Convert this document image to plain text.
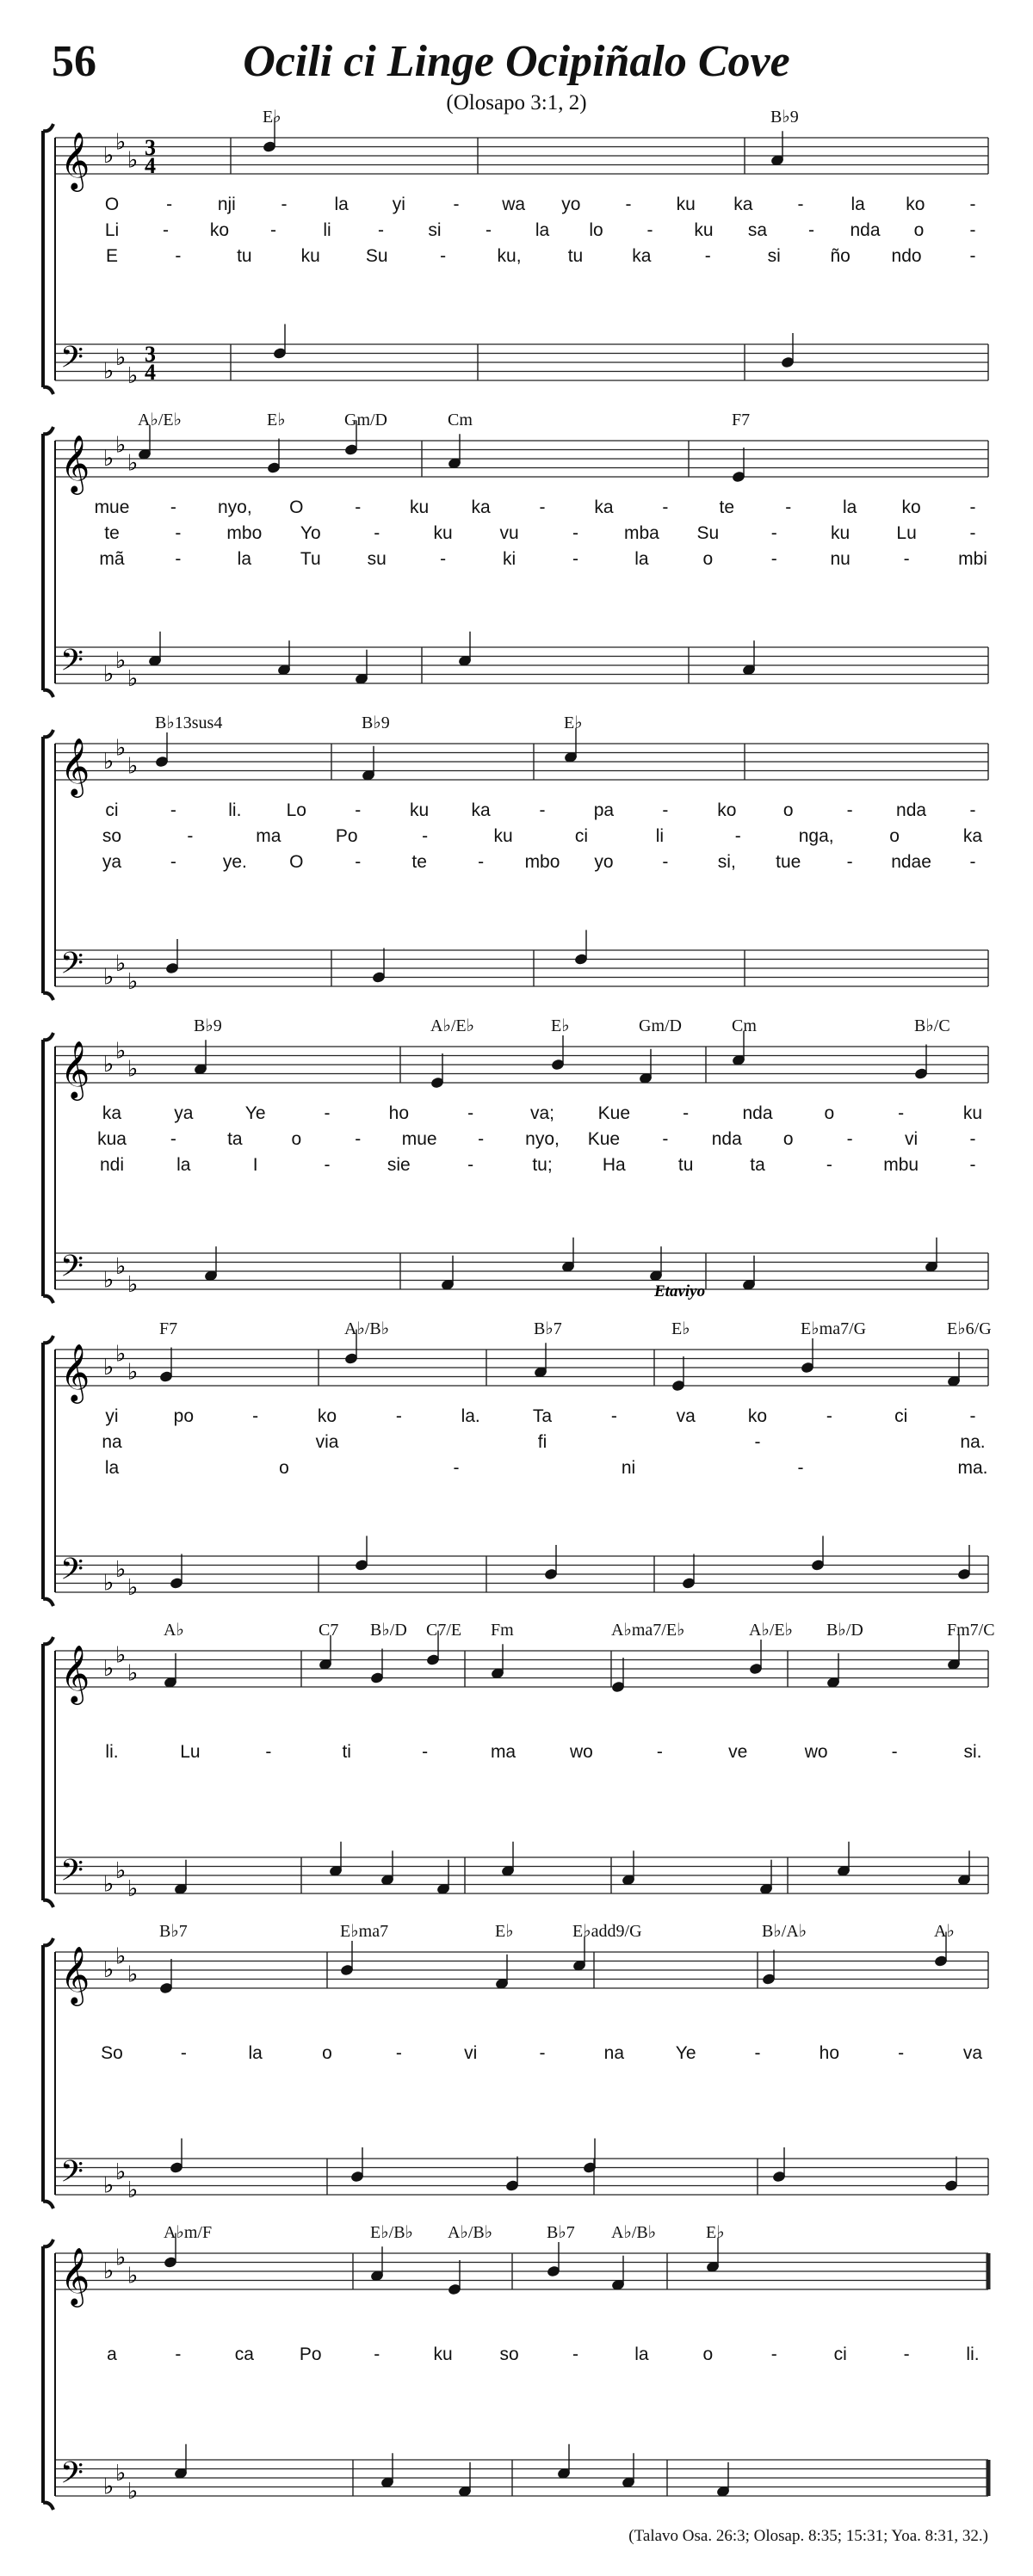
56	Ocili ci Linge Ocipiñalo Cove
(Olosapo 3:1, 2)
𝄞
𝄢
♭
♭
♭
♭
♭
♭
3
4
3
4
E♭	B♭9
O	-	nji	-	la yi	- wa yo - ku ka -	la ko -
Li - ko -	li	- si - la lo - ku sa - nda o	-
E	-	tu	ku	Su	-	ku,	tu	ka	-	si	ño ndo	-
𝄞
𝄢
♭
♭
♭
♭
♭
♭
A♭/E♭	E♭	Gm/D	Cm	F7
mue - nyo, O	-	ku ka	-	ka	-	te	-	la ko	-
te	-	mbo Yo	-	ku	vu	-	mba Su	-	ku	Lu	-
mã	-	la	Tu	su	-	ki	-	la	o	-	nu	-	mbi
𝄞
𝄢
♭
♭
♭
♭
♭
♭
B♭13sus4	B♭9	E♭
ci	-	li. Lo	-	ku ka	-	pa	-	ko	o	- nda -
so	-	ma	Po	-	ku	ci	li	-	nga,	o	ka
ya	-	ye. O	-	te	- mbo yo	-	si, tue	- ndae -
𝄞
𝄢
♭
♭
♭
♭
♭
♭
B♭9	A♭/E♭	E♭	Gm/D	Cm	B♭/C
ka	ya	Ye	-	ho	-	va; Kue	-	nda	o	-	ku
kua -	ta	o	- mue - nyo, Kue - nda o	-	vi	-
ndi	la	I	-	sie	-	tu;	Ha	tu	ta	-	mbu	-
𝄞
𝄢
♭
♭
♭
♭
♭
♭
Etaviyo
F7	A♭/B♭	B♭7	E♭	E♭ma7/G	E♭6/G
yi	po	-	ko	-	la.	Ta	-	va	ko	-	ci	-
na	via	fi	-	na.
la	o	-	ni	-	ma.
𝄞
𝄢
♭
♭
♭
♭
♭
♭
A♭	C7 B♭/D C7/E Fm	A♭ma7/E♭	A♭/E♭ B♭/D	Fm7/C
li.	Lu	-	ti	-	ma	wo	-	ve	wo	-	si.
𝄞
𝄢
♭
♭
♭
♭
♭
♭
B♭7	E♭ma7	E♭	E♭add9/G	B♭/A♭	A♭
So	-	la	o	-	vi	-	na	Ye	-	ho	-	va
𝄞
𝄢
♭
♭
♭
♭
♭
♭
A♭m/F	E♭/B♭ A♭/B♭	B♭7 A♭/B♭	E♭
a	-	ca	Po	-	ku	so	-	la	o	-	ci	-	li.
(Talavo Osa. 26:3; Olosap. 8:35; 15:31; Yoa. 8:31, 32.)
